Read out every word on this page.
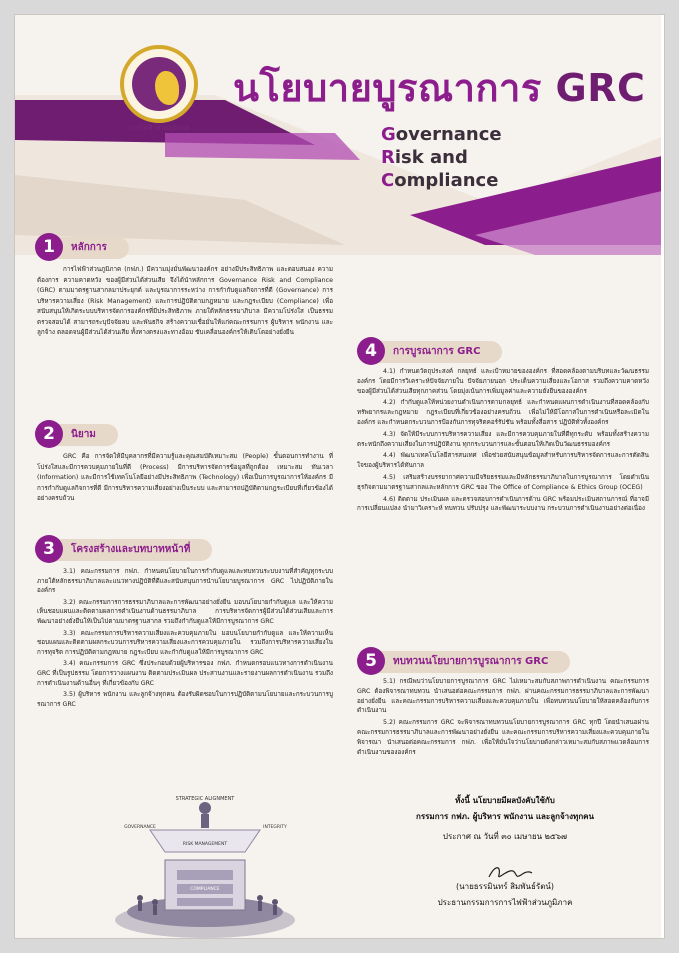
การไฟฟ้าส่วนภูมิภาค
นโยบายบูรณาการ GRC
Governance
Risk and
Compliance
หลักการ
1

การไฟฟ้าส่วนภูมิภาค (กฟภ.) มีความมุ่งมั่นพัฒนาองค์กร อย่างมีประสิทธิภาพ และตอบสนอง ความต้องการ ความคาดหวัง ของผู้มีส่วนได้ส่วนเสีย จึงได้นำหลักการ Governance Risk and Compliance (GRC) ตามมาตรฐานสากลมาประยุกต์ และบูรณาการระหว่าง การกำกับดูแลกิจการที่ดี (Governance) การบริหารความเสี่ยง (Risk Management) และการปฏิบัติตามกฎหมาย และกฎระเบียบ (Compliance) เพื่อสนับสนุนให้เกิดระบบบริหารจัดการองค์กรที่มีประสิทธิภาพ ภายใต้หลักธรรมาภิบาล มีความโปร่งใส เป็นธรรม ตรวจสอบได้ สามารถระบุปัจจัยลบ และพันธกิจ สร้างความเชื่อมั่นให้แก่คณะกรรมการ ผู้บริหาร พนักงาน และลูกจ้าง ตลอดจนผู้มีส่วนได้ส่วนเสีย ทั้งทางตรงและทางอ้อม ขับเคลื่อนองค์กรให้เติบโตอย่างยั่งยืน

นิยาม
2

GRC คือ การจัดให้มีบุคลากรที่มีความรู้และคุณสมบัติเหมาะสม (People) ขั้นตอนการทำงาน ที่โปร่งใสและมีการควบคุมภายในที่ดี (Process) มีการบริหารจัดการข้อมูลที่ถูกต้อง เหมาะสม ทันเวลา (Information) และมีการใช้เทคโนโลยีอย่างมีประสิทธิภาพ (Technology) เพื่อเป็นการบูรณาการให้องค์กร มีการกำกับดูแลกิจการที่ดี มีการบริหารความเสี่ยงอย่างเป็นระบบ และสามารถปฏิบัติตามกฎระเบียบที่เกี่ยวข้องได้อย่างครบถ้วน

โครงสร้างและบทบาทหน้าที่
3

3.1) คณะกรรมการ กฟภ. กำหนดนโยบายในการกำกับดูแลและทบทวนระบบงานที่สำคัญทุกระบบภายใต้หลักธรรมาภิบาลและแนวทางปฏิบัติที่ดีและสนับสนุนการนำนโยบายบูรณาการ GRC ไปปฏิบัติภายในองค์กร

3.2) คณะกรรมการการธรรมาภิบาลและการพัฒนาอย่างยั่งยืน มอบนโยบายกำกับดูแล และให้ความเห็นชอบแผนและติดตามผลการดำเนินงานด้านธรรมาภิบาล การบริหารจัดการผู้มีส่วนได้ส่วนเสียและการพัฒนาอย่างยั่งยืนให้เป็นไปตามมาตรฐานสากล รวมถึงกำกับดูแลให้มีการบูรณาการ GRC

3.3) คณะกรรมการบริหารความเสี่ยงและควบคุมภายใน มอบนโยบายกำกับดูแล และให้ความเห็นชอบแผนและติดตามผลกระบวนการบริหารความเสี่ยงและการควบคุมภายใน รวมถึงการบริหารความเสี่ยงในการทุจริต การปฏิบัติตามกฎหมาย กฎระเบียบ และกำกับดูแลให้มีการบูรณาการ GRC

3.4) คณะกรรมการ GRC ซึ่งประกอบด้วยผู้บริหารของ กฟภ. กำหนดกรอบแนวทางการดำเนินงาน GRC ที่เป็นรูปธรรม โดยการวางแผนงาน ติดตามประเมินผล ประสานงานและรายงานผลการดำเนินงาน รวมถึงการดำเนินงานด้านอื่นๆ ที่เกี่ยวข้องกับ GRC

3.5) ผู้บริหาร พนักงาน และลูกจ้างทุกคน ต้องรับผิดชอบในการปฏิบัติตามนโยบายและกระบวนการบูรณาการ GRC

การบูรณาการ GRC
4

4.1) กำหนดวัตถุประสงค์ กลยุทธ์ และเป้าหมายขององค์กร ที่สอดคล้องตามบริบทและวัฒนธรรมองค์กร โดยมีการวิเคราะห์ปัจจัยภายใน ปัจจัยภายนอก ประเด็นความเสี่ยงและโอกาส รวมถึงความคาดหวังของผู้มีส่วนได้ส่วนเสียทุกภาคส่วน โดยมุ่งเน้นการเพิ่มมูลค่าและความยั่งยืนขององค์กร

4.2) กำกับดูแลให้หน่วยงานดำเนินการตามกลยุทธ์ และกำหนดแผนการดำเนินงานที่สอดคล้องกับทรัพยากรและกฎหมาย กฎระเบียบที่เกี่ยวข้องอย่างครบถ้วน เพื่อไม่ให้มีโอกาสในการดำเนินหรือละเมิดในองค์กร และกำหนดกระบวนการป้องกันการทุจริตคอร์รัปชัน พร้อมทั้งสื่อสาร ปฏิบัติทั่วทั้งองค์กร

4.3) จัดให้มีระบบการบริหารความเสี่ยง และมีการควบคุมภายในที่ดีทุกระดับ พร้อมทั้งสร้างความตระหนักถึงความเสี่ยงในการปฏิบัติงาน ทุกกระบวนการและขั้นตอนให้เกิดเป็นวัฒนธรรมองค์กร

4.4) พัฒนาเทคโนโลยีสารสนเทศ เพื่อช่วยสนับสนุนข้อมูลสำหรับการบริหารจัดการและการตัดสินใจของผู้บริหารได้ทันกาล

4.5) เสริมสร้างบรรยากาศความมีจริยธรรมและมีหลักธรรมาภิบาลในการบูรณาการ โดยดำเนินธุรกิจตามมาตรฐานสากลและหลักการ GRC ของ The Office of Compliance & Ethics Group (OCEG)

4.6) ติดตาม ประเมินผล และตรวจสอบการดำเนินการด้าน GRC พร้อมประเมินสถานการณ์ ที่อาจมีการเปลี่ยนแปลง นำมาวิเคราะห์ ทบทวน ปรับปรุง และพัฒนาระบบงาน กระบวนการดำเนินงานอย่างต่อเนื่อง

ทบทวนนโยบายการบูรณาการ GRC
5

5.1) กรณีพบว่านโยบายการบูรณาการ GRC ไม่เหมาะสมกับสภาพการดำเนินงาน คณะกรรมการ GRC ต้องพิจารณาทบทวน นำเสนอต่อคณะกรรมการ กฟภ. ผ่านคณะกรรมการธรรมาภิบาลและการพัฒนาอย่างยั่งยืน และคณะกรรมการบริหารความเสี่ยงและควบคุมภายใน เพื่อทบทวนนโยบายให้สอดคล้องกับการดำเนินงาน

5.2) คณะกรรมการ GRC จะพิจารณาทบทวนนโยบายการบูรณาการ GRC ทุกปี โดยนำเสนอผ่านคณะกรรมการธรรมาภิบาลและการพัฒนาอย่างยั่งยืน และคณะกรรมการบริหารความเสี่ยงและควบคุมภายใน พิจารณา นำเสนอต่อคณะกรรมการ กฟภ. เพื่อให้มั่นใจว่านโยบายดังกล่าวเหมาะสมกับสภาพแวดล้อมการดำเนินงานขององค์กร

STRATEGIC ALIGNMENT
GOVERNANCE
RISK MANAGEMENT
COMPLIANCE
INTEGRITY
ทั้งนี้ นโยบายมีผลบังคับใช้กับ
กรรมการ กฟภ. ผู้บริหาร พนักงาน และลูกจ้างทุกคน
ประกาศ ณ วันที่ ๓๐ เมษายน ๒๕๖๗
(นายธรรมินทร์ สิมพันธ์รัตน์)
ประธานกรรมการการไฟฟ้าส่วนภูมิภาค
